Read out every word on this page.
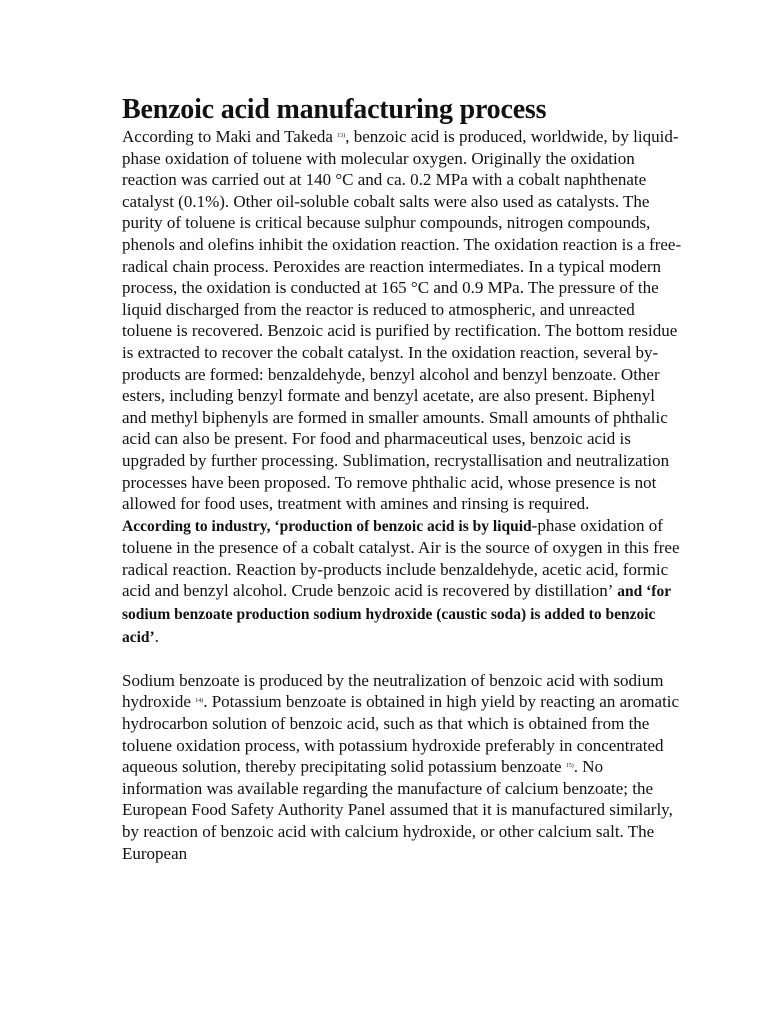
Benzoic acid manufacturing process

According to Maki and Takeda $^{13)}$, benzoic acid is produced, worldwide, by liquid-phase oxidation of toluene with molecular oxygen. Originally the oxidation reaction was carried out at 140 °C and ca. 0.2 MPa with a cobalt naphthenate catalyst (0.1%). Other oil-soluble cobalt salts were also used as catalysts. The purity of toluene is critical because sulphur compounds, nitrogen compounds, phenols and olefins inhibit the oxidation reaction. The oxidation reaction is a free-radical chain process. Peroxides are reaction intermediates. In a typical modern process, the oxidation is conducted at 165 °C and 0.9 MPa. The pressure of the liquid discharged from the reactor is reduced to atmospheric, and unreacted toluene is recovered. Benzoic acid is purified by rectification. The bottom residue is extracted to recover the cobalt catalyst. In the oxidation reaction, several by-products are formed: benzaldehyde, benzyl alcohol and benzyl benzoate. Other esters, including benzyl formate and benzyl acetate, are also present. Biphenyl and methyl biphenyls are formed in smaller amounts. Small amounts of phthalic acid can also be present. For food and pharmaceutical uses, benzoic acid is upgraded by further processing. Sublimation, recrystallisation and neutralization processes have been proposed. To remove phthalic acid, whose presence is not allowed for food uses, treatment with amines and rinsing is required.

According to industry, ‘production of benzoic acid is by liquid-phase oxidation of toluene in the presence of a cobalt catalyst. Air is the source of oxygen in this free radical reaction. Reaction by-products include benzaldehyde, acetic acid, formic acid and benzyl alcohol. Crude benzoic acid is recovered by distillation’ and ‘for sodium benzoate production sodium hydroxide (caustic soda) is added to benzoic acid’.

Sodium benzoate is produced by the neutralization of benzoic acid with sodium hydroxide $^{14)}$. Potassium benzoate is obtained in high yield by reacting an aromatic hydrocarbon solution of benzoic acid, such as that which is obtained from the toluene oxidation process, with potassium hydroxide preferably in concentrated aqueous solution, thereby precipitating solid potassium benzoate $^{15)}$. No information was available regarding the manufacture of calcium benzoate; the European Food Safety Authority Panel assumed that it is manufactured similarly, by reaction of benzoic acid with calcium hydroxide, or other calcium salt. The European
